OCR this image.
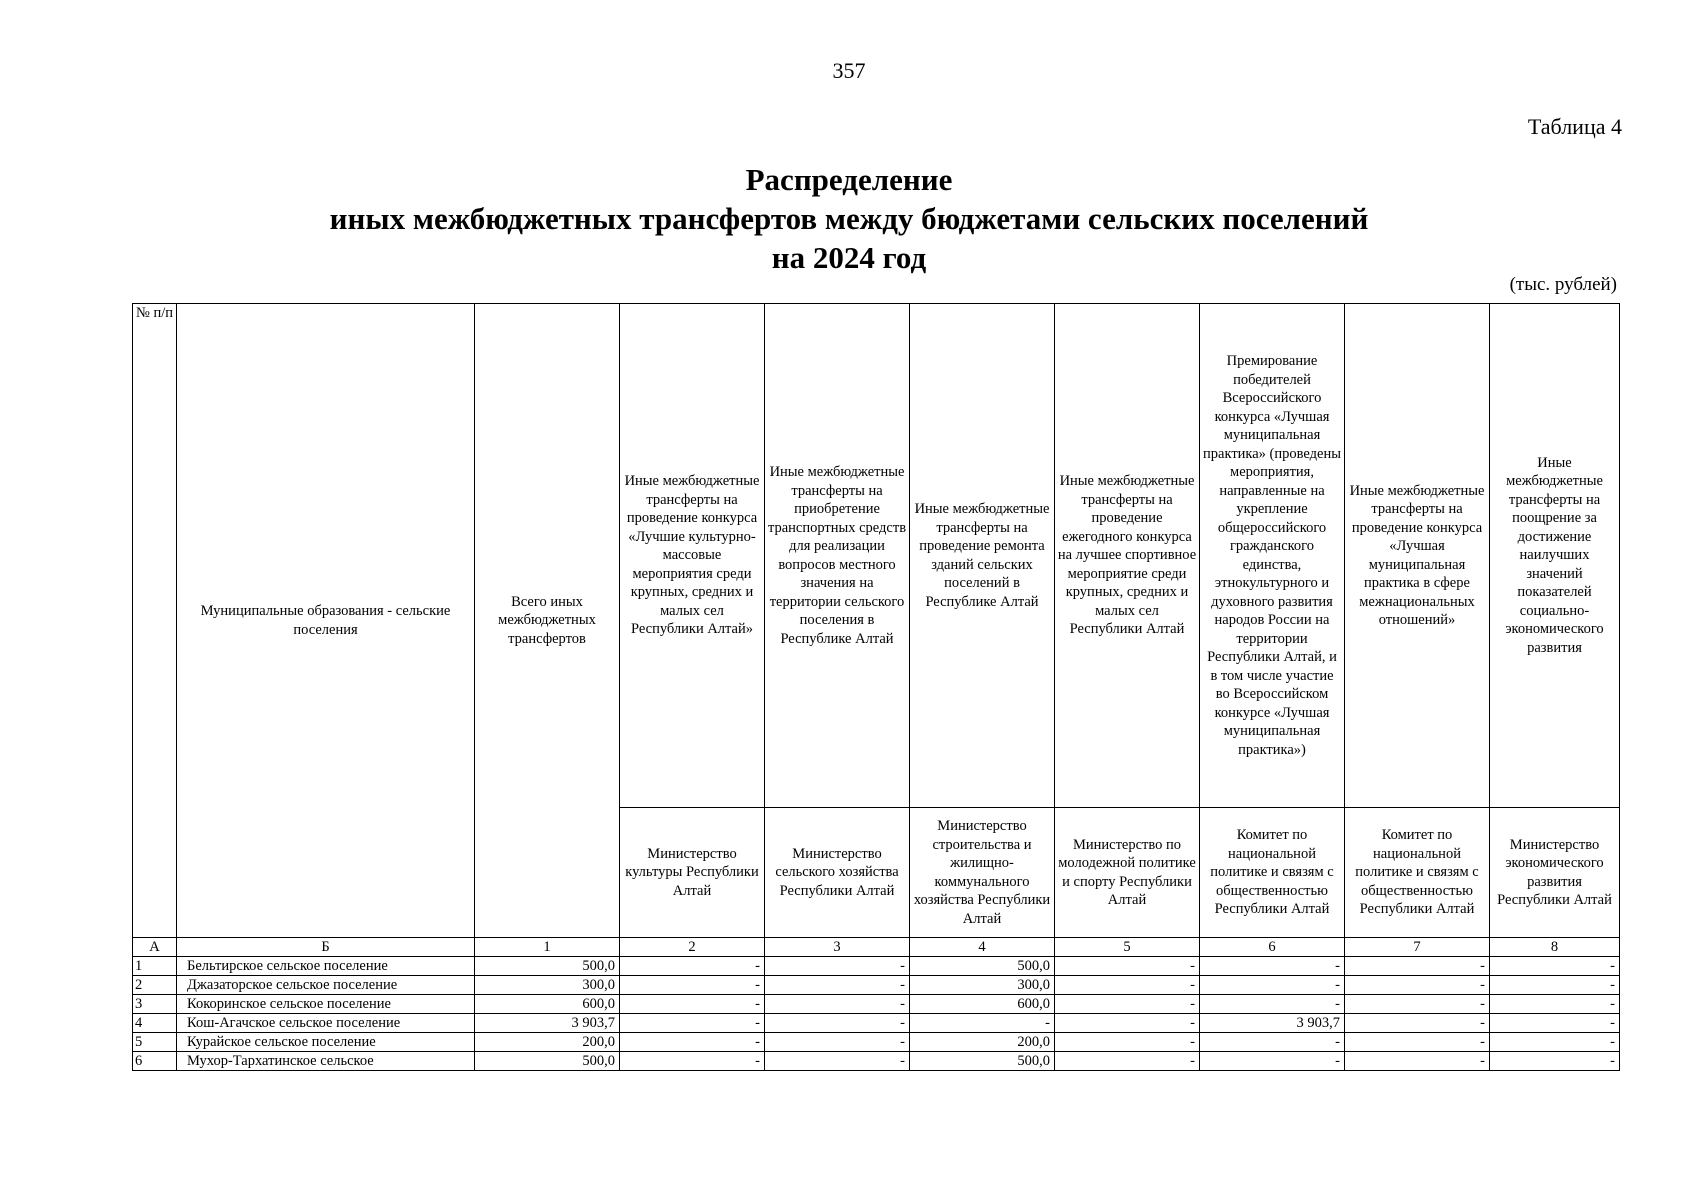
357
Таблица 4
Распределение
иных межбюджетных трансфертов между бюджетами сельских поселений
на 2024 год
(тыс. рублей)
№ п/п	Муниципальные образования - сельские поселения	Всего иных межбюджетных трансфертов	Иные межбюджетные трансферты на проведение конкурса «Лучшие культурно-массовые мероприятия среди крупных, средних и малых сел Республики Алтай»	Иные межбюджетные трансферты на приобретение транспортных средств для реализации вопросов местного значения на территории сельского поселения в Республике Алтай	Иные межбюджетные трансферты на проведение ремонта зданий сельских поселений в Республике Алтай	Иные межбюджетные трансферты на проведение ежегодного конкурса на лучшее спортивное мероприятие среди крупных, средних и малых сел Республики Алтай	Премирование победителей Всероссийского конкурса «Лучшая муниципальная практика» (проведены мероприятия, направленные на укрепление общероссийского гражданского единства, этнокультурного и духовного развития народов России на территории Республики Алтай, и в том числе участие во Всероссийском конкурсе «Лучшая муниципальная практика»)	Иные межбюджетные трансферты на проведение конкурса «Лучшая муниципальная практика в сфере межнациональных отношений»	Иные межбюджетные трансферты на поощрение за достижение наилучших значений показателей социально-экономического развития
			Министерство культуры Республики Алтай	Министерство сельского хозяйства Республики Алтай	Министерство строительства и жилищно-коммунального хозяйства Республики Алтай	Министерство по молодежной политике и спорту Республики Алтай	Комитет по национальной политике и связям с общественностью Республики Алтай	Комитет по национальной политике и связям с общественностью Республики Алтай	Министерство экономического развития Республики Алтай
А	Б	1	2	3	4	5	6	7	8
1	Бельтирское сельское поселение	500,0	-	-	500,0	-	-	-	-
2	Джазаторское сельское поселение	300,0	-	-	300,0	-	-	-	-
3	Кокоринское сельское поселение	600,0	-	-	600,0	-	-	-	-
4	Кош-Агачское сельское поселение	3 903,7	-	-	-	-	3 903,7	-	-
5	Курайское сельское поселение	200,0	-	-	200,0	-	-	-	-
6	Мухор-Тархатинское сельское	500,0	-	-	500,0	-	-	-	-
